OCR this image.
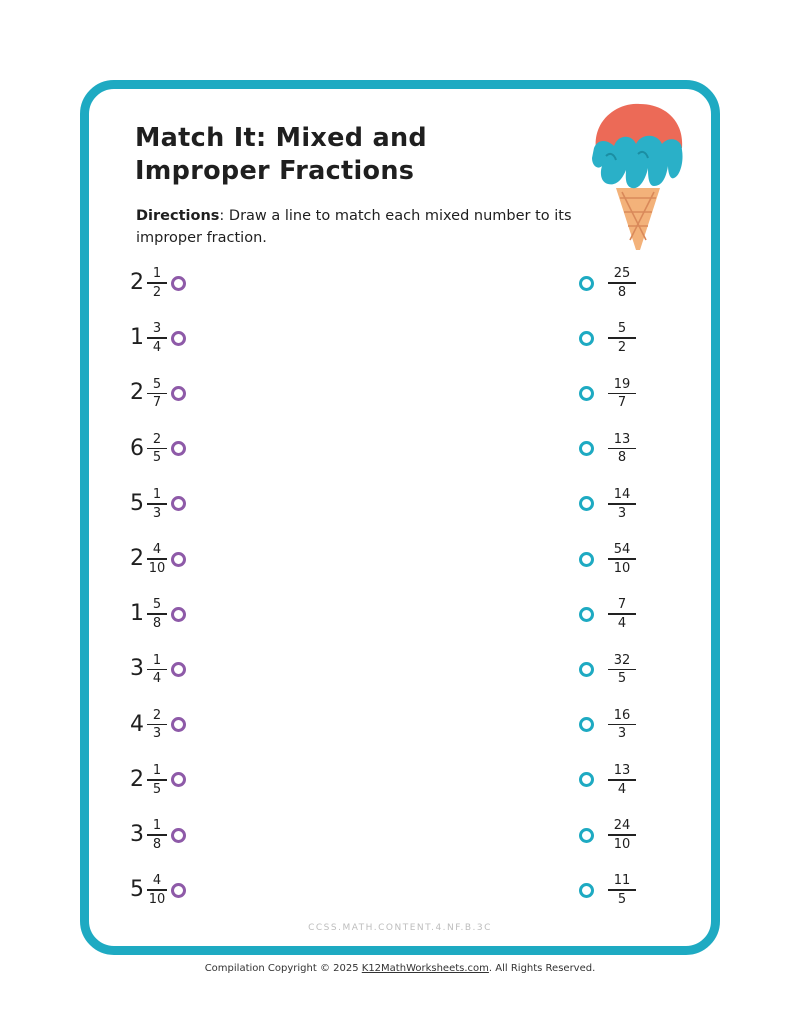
Match It: Mixed and
Improper Fractions
Directions: Draw a line to match each mixed number to its improper fraction.
$2 \frac{1}{2}$
$1 \frac{3}{4}$
$2 \frac{5}{7}$
$6 \frac{2}{5}$
$5 \frac{1}{3}$
$2 \frac{4}{10}$
$1 \frac{5}{8}$
$3 \frac{1}{4}$
$4 \frac{2}{3}$
$2 \frac{1}{5}$
$3 \frac{1}{8}$
$5 \frac{4}{10}$
$\frac{25}{8}$
$\frac{5}{2}$
$\frac{19}{7}$
$\frac{13}{8}$
$\frac{14}{3}$
$\frac{54}{10}$
$\frac{7}{4}$
$\frac{32}{5}$
$\frac{16}{3}$
$\frac{13}{4}$
$\frac{24}{10}$
$\frac{11}{5}$
CCSS.MATH.CONTENT.4.NF.B.3C
Compilation Copyright © 2025 K12MathWorksheets.com. All Rights Reserved.
